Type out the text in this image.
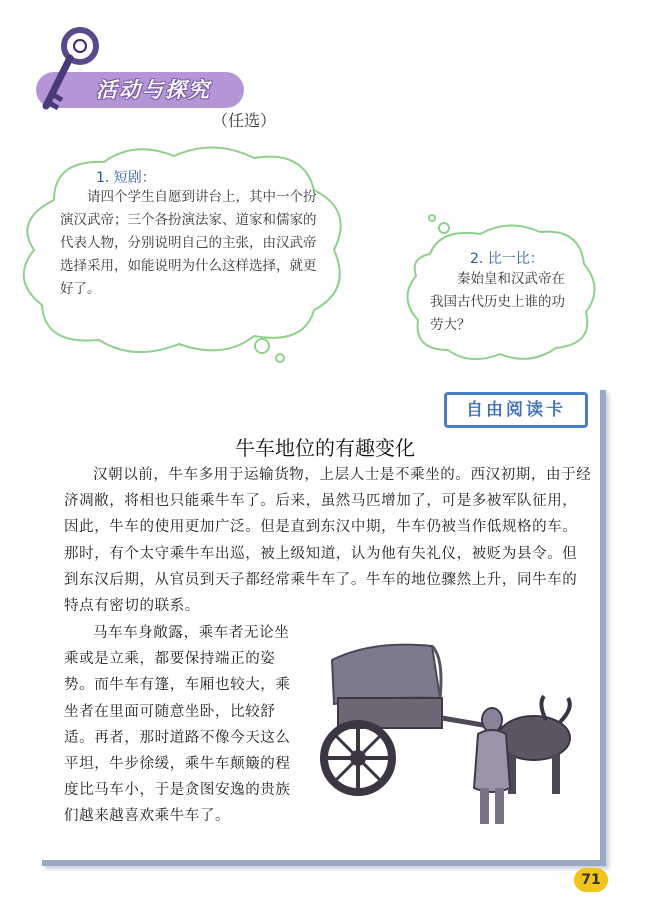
活动与探究
（任选）
1. 短剧：
请四个学生自愿到讲台上，其中一个扮演汉武帝；三个各扮演法家、道家和儒家的代表人物，分别说明自己的主张，由汉武帝选择采用，如能说明为什么这样选择，就更好了。
2. 比一比：
秦始皇和汉武帝在我国古代历史上谁的功劳大？
自由阅读卡
牛车地位的有趣变化
汉朝以前，牛车多用于运输货物，上层人士是不乘坐的。西汉初期，由于经济凋敝，将相也只能乘牛车了。后来，虽然马匹增加了，可是多被军队征用，因此，牛车的使用更加广泛。但是直到东汉中期，牛车仍被当作低规格的车。那时，有个太守乘牛车出巡，被上级知道，认为他有失礼仪，被贬为县令。但到东汉后期，从官员到天子都经常乘牛车了。牛车的地位骤然上升，同牛车的特点有密切的联系。
马车车身敞露，乘车者无论坐乘或是立乘，都要保持端正的姿势。而牛车有篷，车厢也较大，乘坐者在里面可随意坐卧，比较舒适。再者，那时道路不像今天这么平坦，牛步徐缓，乘牛车颠簸的程度比马车小，于是贪图安逸的贵族们越来越喜欢乘牛车了。
71
